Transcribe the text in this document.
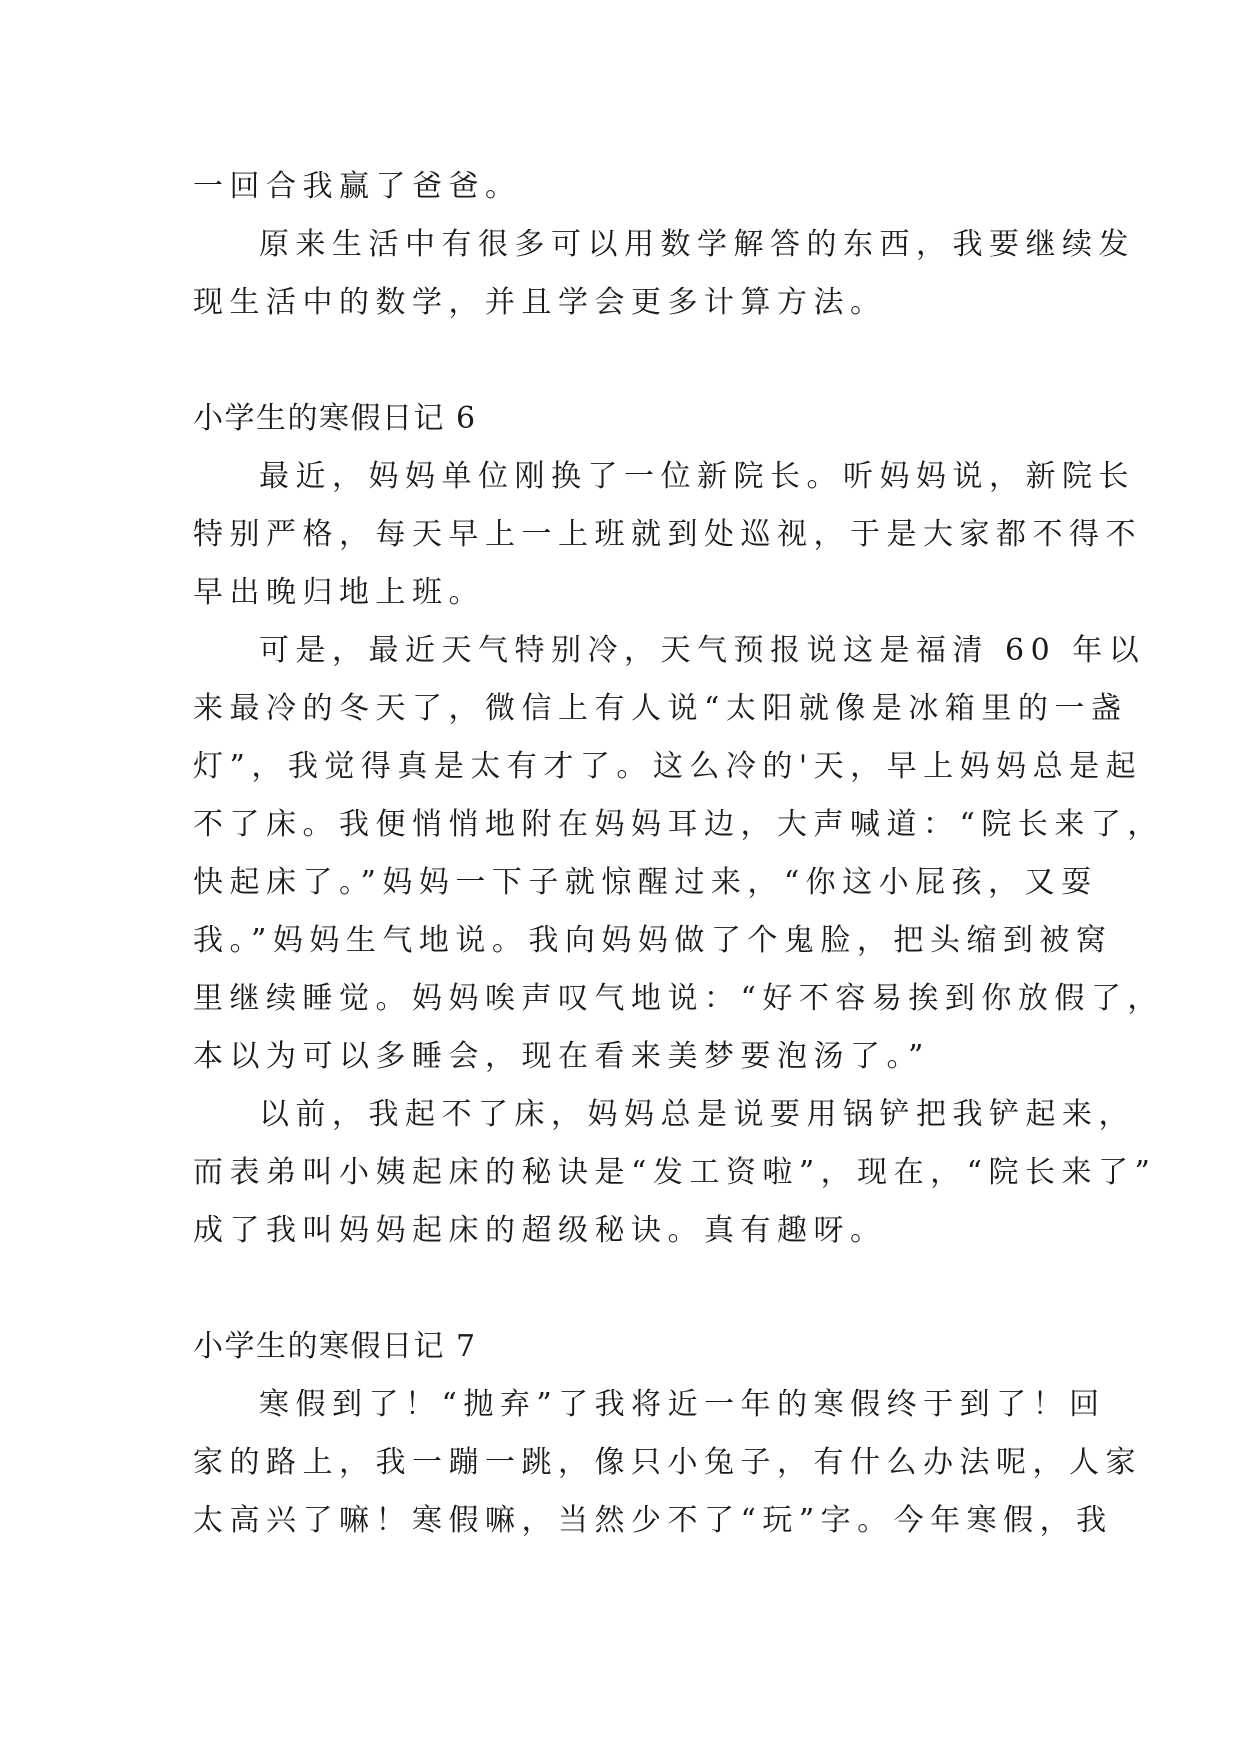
一回合我赢了爸爸。
原来生活中有很多可以用数学解答的东西，我要继续发
现生活中的数学，并且学会更多计算方法。
小学生的寒假日记 6
最近，妈妈单位刚换了一位新院长。听妈妈说，新院长
特别严格，每天早上一上班就到处巡视，于是大家都不得不
早出晚归地上班。
可是，最近天气特别冷，天气预报说这是福清 60 年以
来最冷的冬天了，微信上有人说“太阳就像是冰箱里的一盏
灯”，我觉得真是太有才了。这么冷的'天，早上妈妈总是起
不了床。我便悄悄地附在妈妈耳边，大声喊道：“院长来了，
快起床了。”妈妈一下子就惊醒过来，“你这小屁孩，又耍
我。”妈妈生气地说。我向妈妈做了个鬼脸，把头缩到被窝
里继续睡觉。妈妈唉声叹气地说：“好不容易挨到你放假了，
本以为可以多睡会，现在看来美梦要泡汤了。”
以前，我起不了床，妈妈总是说要用锅铲把我铲起来，
而表弟叫小姨起床的秘诀是“发工资啦”，现在，“院长来了”
成了我叫妈妈起床的超级秘诀。真有趣呀。
小学生的寒假日记 7
寒假到了！“抛弃”了我将近一年的寒假终于到了！回
家的路上，我一蹦一跳，像只小兔子，有什么办法呢，人家
太高兴了嘛！寒假嘛，当然少不了“玩”字。今年寒假，我
